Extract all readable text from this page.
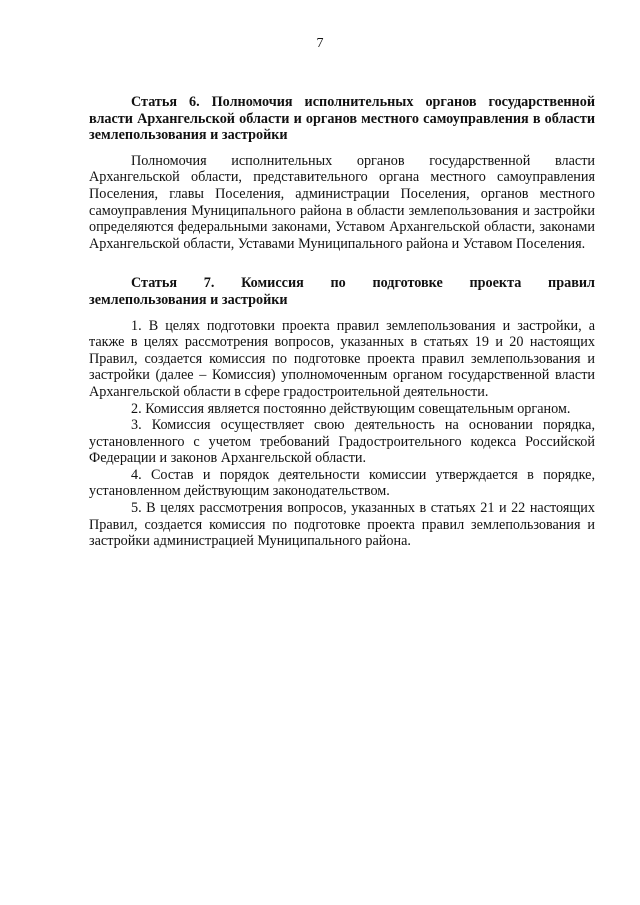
7

Статья 6. Полномочия исполнительных органов государственной власти Архангельской области и органов местного самоуправления в области землепользования и застройки

Полномочия исполнительных органов государственной власти Архангельской области, представительного органа местного самоуправления Поселения, главы Поселения, администрации Поселения, органов местного самоуправления Муниципального района в области землепользования и застройки определяются федеральными законами, Уставом Архангельской области, законами Архангельской области, Уставами Муниципального района и Уставом Поселения.

Статья 7. Комиссия по подготовке проекта правил

землепользования и застройки

1. В целях подготовки проекта правил землепользования и застройки, а также в целях рассмотрения вопросов, указанных в статьях 19 и 20 настоящих Правил, создается комиссия по подготовке проекта правил землепользования и застройки (далее – Комиссия) уполномоченным органом государственной власти Архангельской области в сфере градостроительной деятельности.

2. Комиссия является постоянно действующим совещательным органом.

3. Комиссия осуществляет свою деятельность на основании порядка, установленного с учетом требований Градостроительного кодекса Российской Федерации и законов Архангельской области.

4. Состав и порядок деятельности комиссии утверждается в порядке, установленном действующим законодательством.

5. В целях рассмотрения вопросов, указанных в статьях 21 и 22 настоящих Правил, создается комиссия по подготовке проекта правил землепользования и застройки администрацией Муниципального района.
